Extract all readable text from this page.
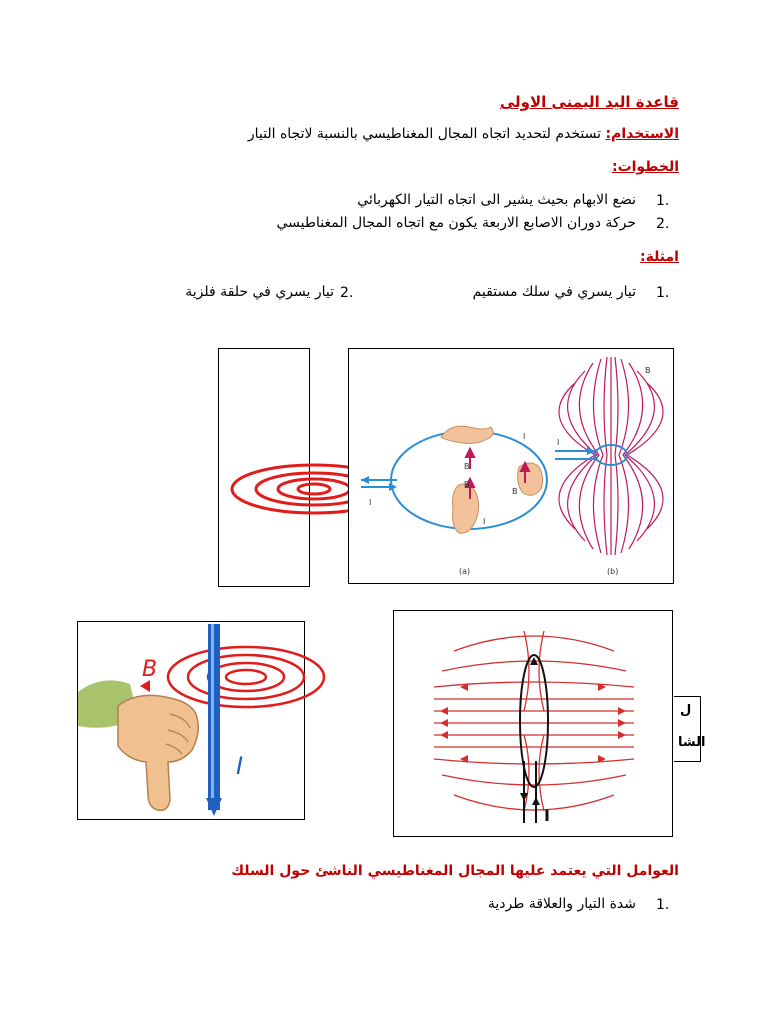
قاعدة اليد اليمنى الاولى
الاستخدام: تستخدم لتحديد اتجاه المجال المغناطيسي بالنسبة لاتجاه التيار
الخطوات:
1.
نضع الابهام بحيث يشير الى اتجاه التيار الكهربائي
2.
حركة دوران الاصابع الاربعة يكون مع اتجاه المجال المغناطيسي
امثلة:
1.
تيار يسري في سلك مستقيم
2.
تيار يسري في حلقة فلزية
I
B
B
B
I
I
(a)	(b)
I
B
B
I
I
ل
الشا
العوامل التي يعتمد عليها المجال المغناطيسي الناشئ حول السلك
1.
شدة التيار والعلاقة طردية
